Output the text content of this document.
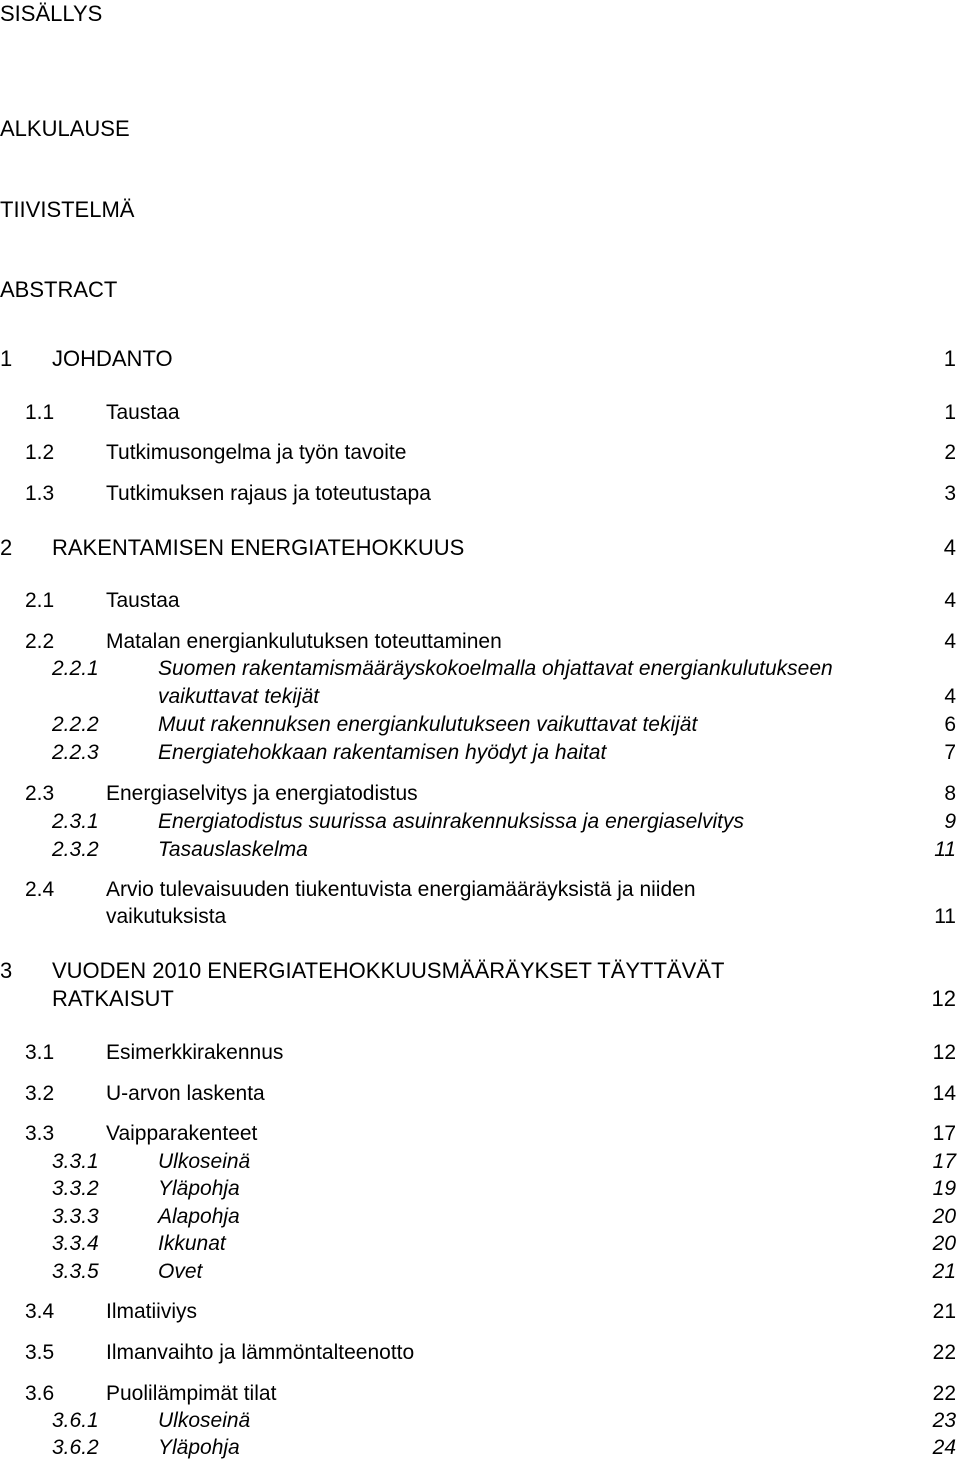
SISÄLLYS
ALKULAUSE
TIIVISTELMÄ
ABSTRACT
1 JOHDANTO	1
1.1 Taustaa	1
1.2 Tutkimusongelma ja työn tavoite	2
1.3 Tutkimuksen rajaus ja toteutustapa	3
2 RAKENTAMISEN ENERGIATEHOKKUUS	4
2.1 Taustaa	4
2.2 Matalan energiankulutuksen toteuttaminen	4
2.2.1	Suomen rakentamismääräyskokoelmalla ohjattavat energiankulutukseen
vaikuttavat tekijät	4
2.2.2	Muut rakennuksen energiankulutukseen vaikuttavat tekijät	6
2.2.3	Energiatehokkaan rakentamisen hyödyt ja haitat	7
2.3 Energiaselvitys ja energiatodistus	8
2.3.1	Energiatodistus suurissa asuinrakennuksissa ja energiaselvitys	9
2.3.2	Tasauslaskelma	11
2.4 Arvio tulevaisuuden tiukentuvista energiamääräyksistä ja niiden
vaikutuksista	11
3 VUODEN 2010 ENERGIATEHOKKUUSMÄÄRÄYKSET TÄYTTÄVÄT
RATKAISUT	12
3.1 Esimerkkirakennus	12
3.2 U-arvon laskenta	14
3.3 Vaipparakenteet	17
3.3.1	Ulkoseinä	17
3.3.2	Yläpohja	19
3.3.3	Alapohja	20
3.3.4	Ikkunat	20
3.3.5	Ovet	21
3.4 Ilmatiiviys	21
3.5 Ilmanvaihto ja lämmöntalteenotto	22
3.6 Puolilämpimät tilat	22
3.6.1	Ulkoseinä	23
3.6.2	Yläpohja	24
